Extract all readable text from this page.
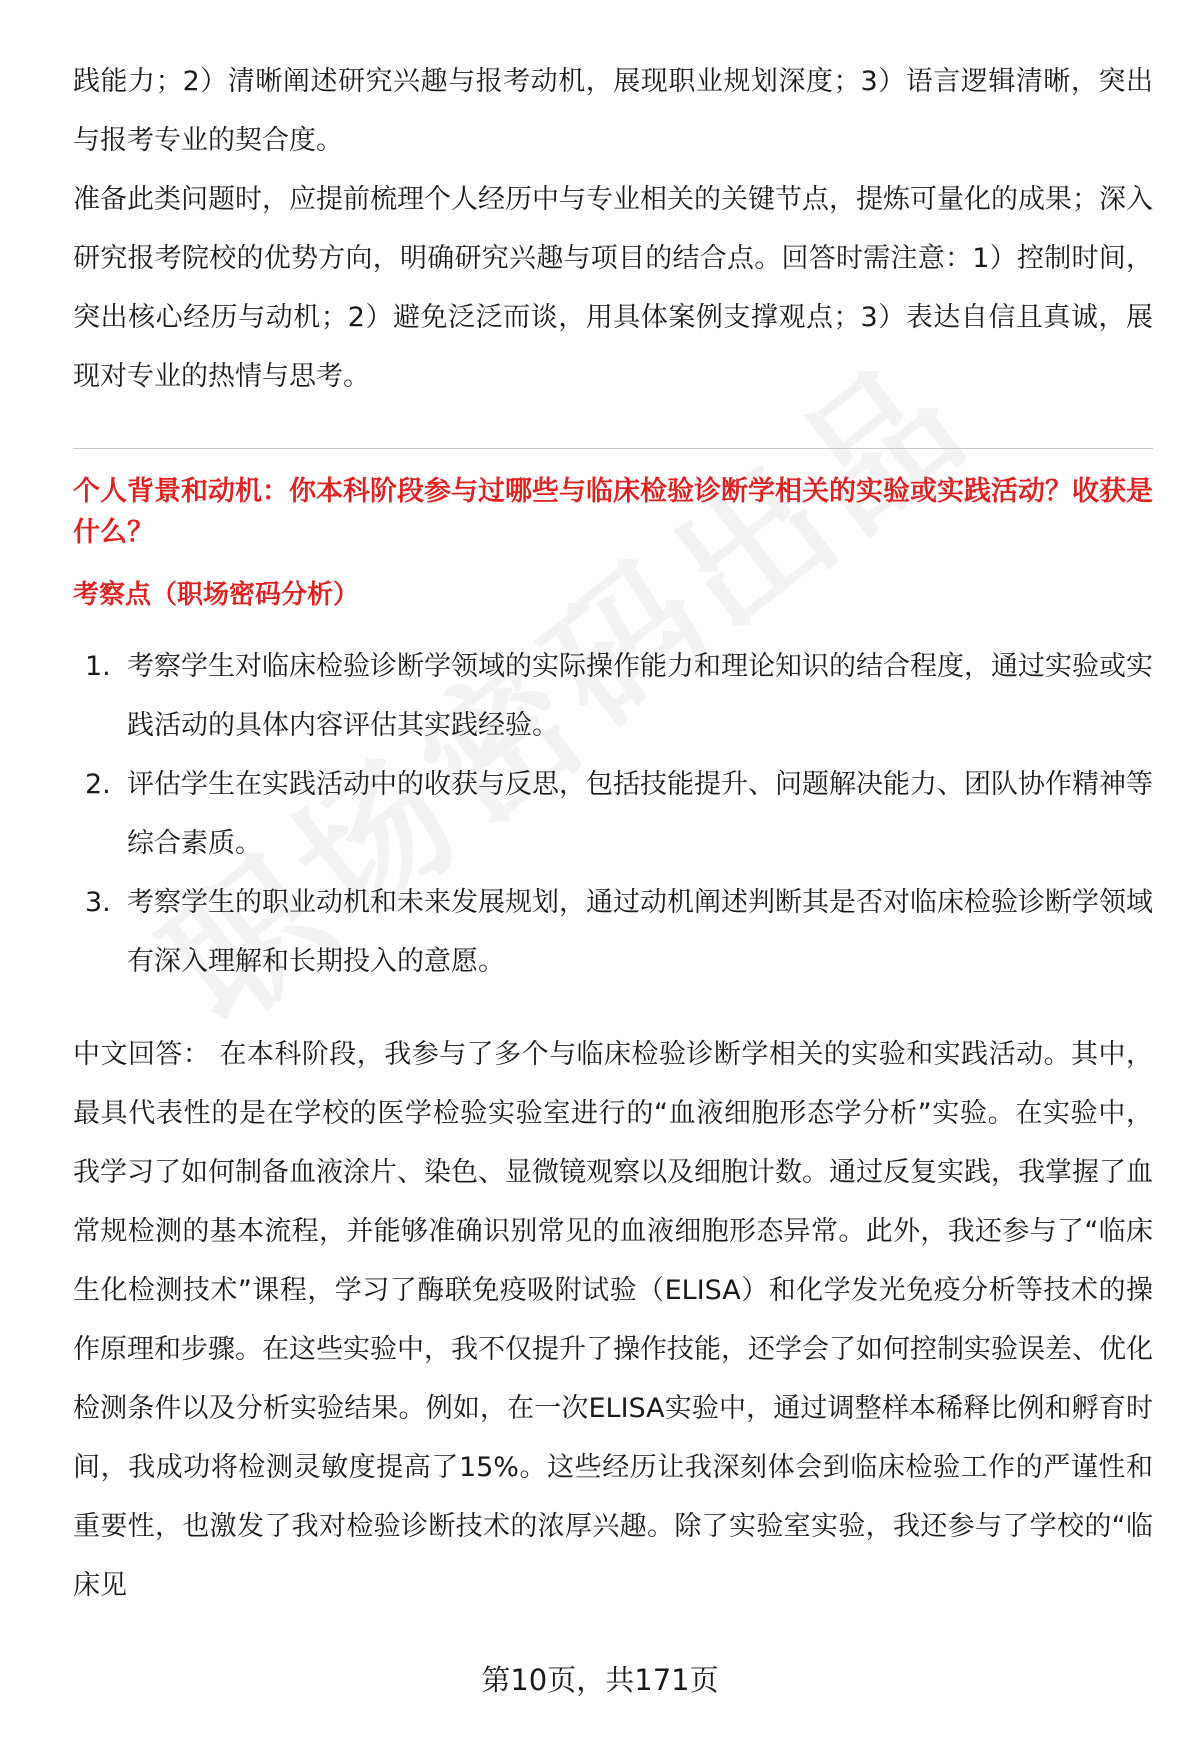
践能力；2）清晰阐述研究兴趣与报考动机，展现职业规划深度；3）语言逻辑清晰，突出与报考专业的契合度。

准备此类问题时，应提前梳理个人经历中与专业相关的关键节点，提炼可量化的成果；深入研究报考院校的优势方向，明确研究兴趣与项目的结合点。回答时需注意：1）控制时间，突出核心经历与动机；2）避免泛泛而谈，用具体案例支撑观点；3）表达自信且真诚，展现对专业的热情与思考。

个人背景和动机：你本科阶段参与过哪些与临床检验诊断学相关的实验或实践活动？收获是什么？
考察点（职场密码分析）
1. 考察学生对临床检验诊断学领域的实际操作能力和理论知识的结合程度，通过实验或实践活动的具体内容评估其实践经验。
2. 评估学生在实践活动中的收获与反思，包括技能提升、问题解决能力、团队协作精神等综合素质。
3. 考察学生的职业动机和未来发展规划，通过动机阐述判断其是否对临床检验诊断学领域有深入理解和长期投入的意愿。

中文回答： 在本科阶段，我参与了多个与临床检验诊断学相关的实验和实践活动。其中，最具代表性的是在学校的医学检验实验室进行的“血液细胞形态学分析”实验。在实验中，我学习了如何制备血液涂片、染色、显微镜观察以及细胞计数。通过反复实践，我掌握了血常规检测的基本流程，并能够准确识别常见的血液细胞形态异常。此外，我还参与了“临床生化检测技术”课程，学习了酶联免疫吸附试验（ELISA）和化学发光免疫分析等技术的操作原理和步骤。在这些实验中，我不仅提升了操作技能，还学会了如何控制实验误差、优化检测条件以及分析实验结果。例如，在一次ELISA实验中，通过调整样本稀释比例和孵育时间，我成功将检测灵敏度提高了15%。这些经历让我深刻体会到临床检验工作的严谨性和重要性，也激发了我对检验诊断技术的浓厚兴趣。除了实验室实验，我还参与了学校的“临床见

第10页，共171页
